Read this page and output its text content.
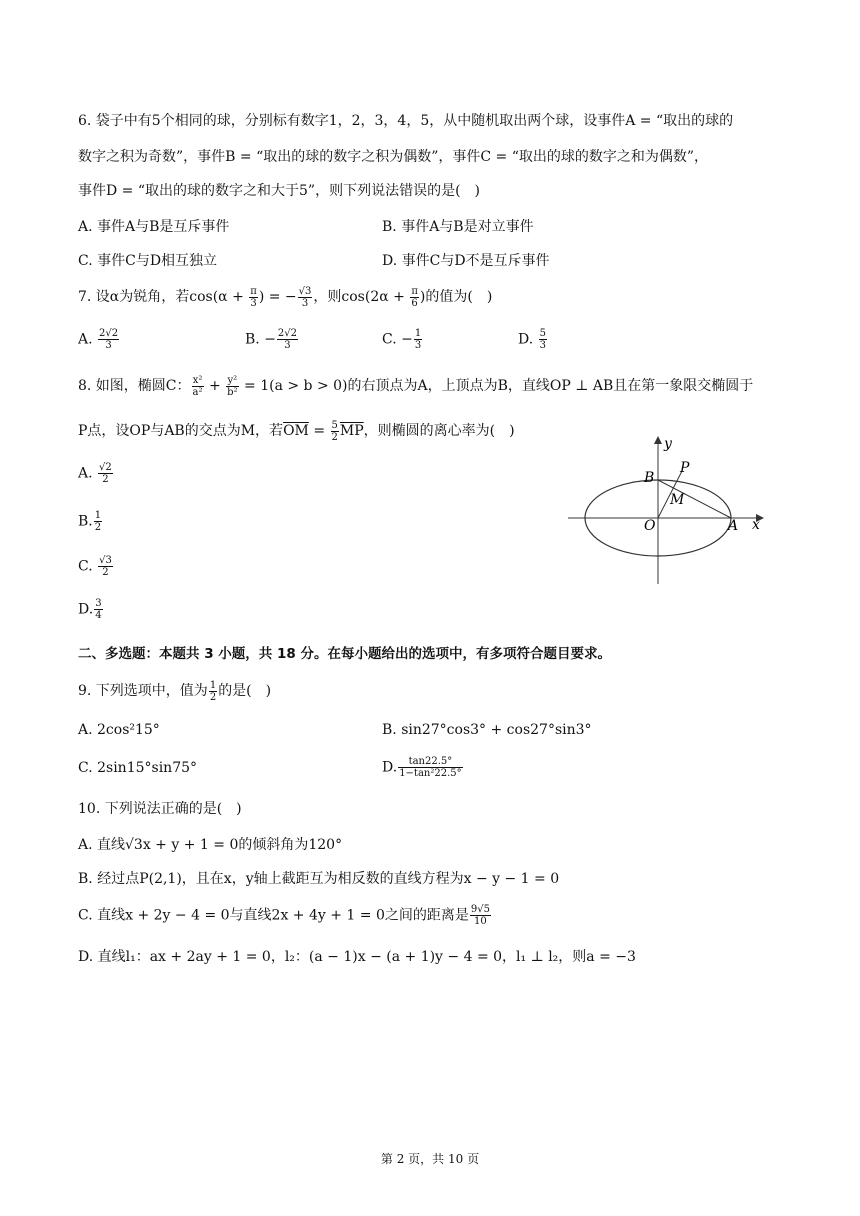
6. 袋子中有5个相同的球，分别标有数字1，2，3，4，5，从中随机取出两个球，设事件A = “取出的球的
数字之积为奇数”，事件B = “取出的球的数字之积为偶数”，事件C = “取出的球的数字之和为偶数”，
事件D = “取出的球的数字之和大于5”，则下列说法错误的是(　)
A. 事件A与B是互斥事件	B. 事件A与B是对立事件
C. 事件C与D相互独立	D. 事件C与D不是互斥事件
7. 设α为锐角，若$\cos(\alpha + \frac{\pi}{3}$ ) = − $\frac{√3}{3}$ ，则$\cos(2\alpha + \frac{\pi}{6}$ )的值为(　)
A. $\frac{2√2}{3}$	B. − $\frac{2√2}{3}$	C. − $\frac{1}{3}$	D. $\frac{5}{3}$
8. 如图，椭圆C： $\frac{\text{x²}}{\text{a²}} + \frac{\text{y²}}{\text{b²}} = 1(a > b > 0)$的右顶点为A，上顶点为B，直线OP ⊥ AB且在第一象限交椭圆于
P点，设OP与AB的交点为M，若$\overline{OM} = \frac{5}{2} \overline{MP}$，则椭圆的离心率为(　)
A. $\frac{√2}{2}$
B. $\frac{1}{2}$
C. $\frac{√3}{2}$
D. $\frac{3}{4}$
y
x
B
P
M
O	A
二、多选题：本题共 3 小题，共 18 分。在每小题给出的选项中，有多项符合题目要求。
9. 下列选项中，值为 $\frac{1}{2}$ 的是(　)
A. 2cos²15°	B. sin27°cos3° + cos27°sin3°
C. 2sin15°sin75°	D. $\frac{\tan 22.5^\circ}{\text{1−tan²22.5°}}$
10. 下列说法正确的是(　)
A. 直线√3x + y + 1 = 0的倾斜角为120°
B. 经过点P(2,1)，且在x，y轴上截距互为相反数的直线方程为x − y − 1 = 0
C. 直线x + 2y − 4 = 0与直线2x + 4y + 1 = 0之间的距离是 $\frac{9√5}{10}$
D. 直线l₁：ax + 2ay + 1 = 0，l₂：(a − 1)x − (a + 1)y − 4 = 0，l₁ ⊥ l₂，则a = −3
第 2 页，共 10 页
